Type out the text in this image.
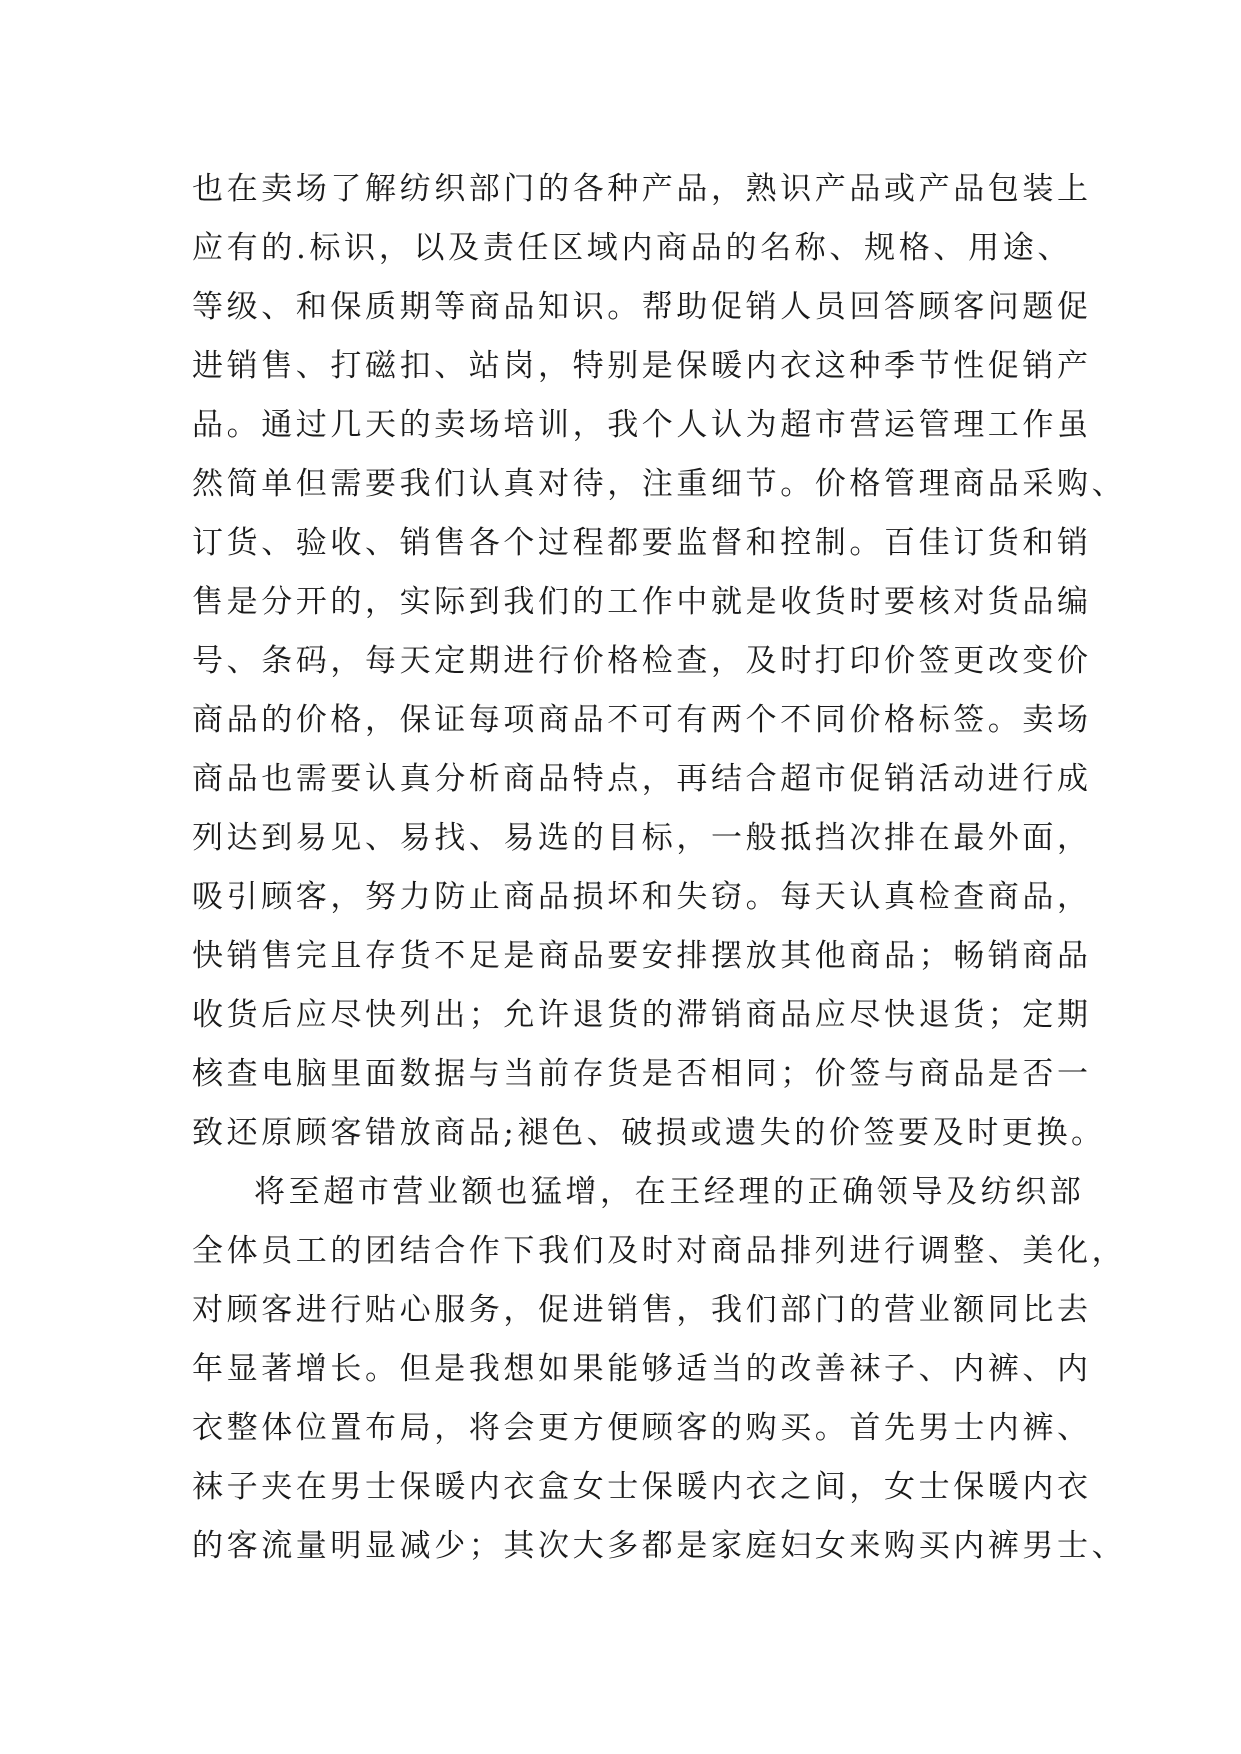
也在卖场了解纺织部门的各种产品，熟识产品或产品包装上
应有的.标识，以及责任区域内商品的名称、规格、用途、
等级、和保质期等商品知识。帮助促销人员回答顾客问题促
进销售、打磁扣、站岗，特别是保暖内衣这种季节性促销产
品。通过几天的卖场培训，我个人认为超市营运管理工作虽
然简单但需要我们认真对待，注重细节。价格管理商品采购、
订货、验收、销售各个过程都要监督和控制。百佳订货和销
售是分开的，实际到我们的工作中就是收货时要核对货品编
号、条码，每天定期进行价格检查，及时打印价签更改变价
商品的价格，保证每项商品不可有两个不同价格标签。卖场
商品也需要认真分析商品特点，再结合超市促销活动进行成
列达到易见、易找、易选的目标，一般抵挡次排在最外面，
吸引顾客，努力防止商品损坏和失窃。每天认真检查商品，
快销售完且存货不足是商品要安排摆放其他商品；畅销商品
收货后应尽快列出；允许退货的滞销商品应尽快退货；定期
核查电脑里面数据与当前存货是否相同；价签与商品是否一
致还原顾客错放商品;褪色、破损或遗失的价签要及时更换。
将至超市营业额也猛增，在王经理的正确领导及纺织部
全体员工的团结合作下我们及时对商品排列进行调整、美化，
对顾客进行贴心服务，促进销售，我们部门的营业额同比去
年显著增长。但是我想如果能够适当的改善袜子、内裤、内
衣整体位置布局，将会更方便顾客的购买。首先男士内裤、
袜子夹在男士保暖内衣盒女士保暖内衣之间，女士保暖内衣
的客流量明显减少；其次大多都是家庭妇女来购买内裤男士、
